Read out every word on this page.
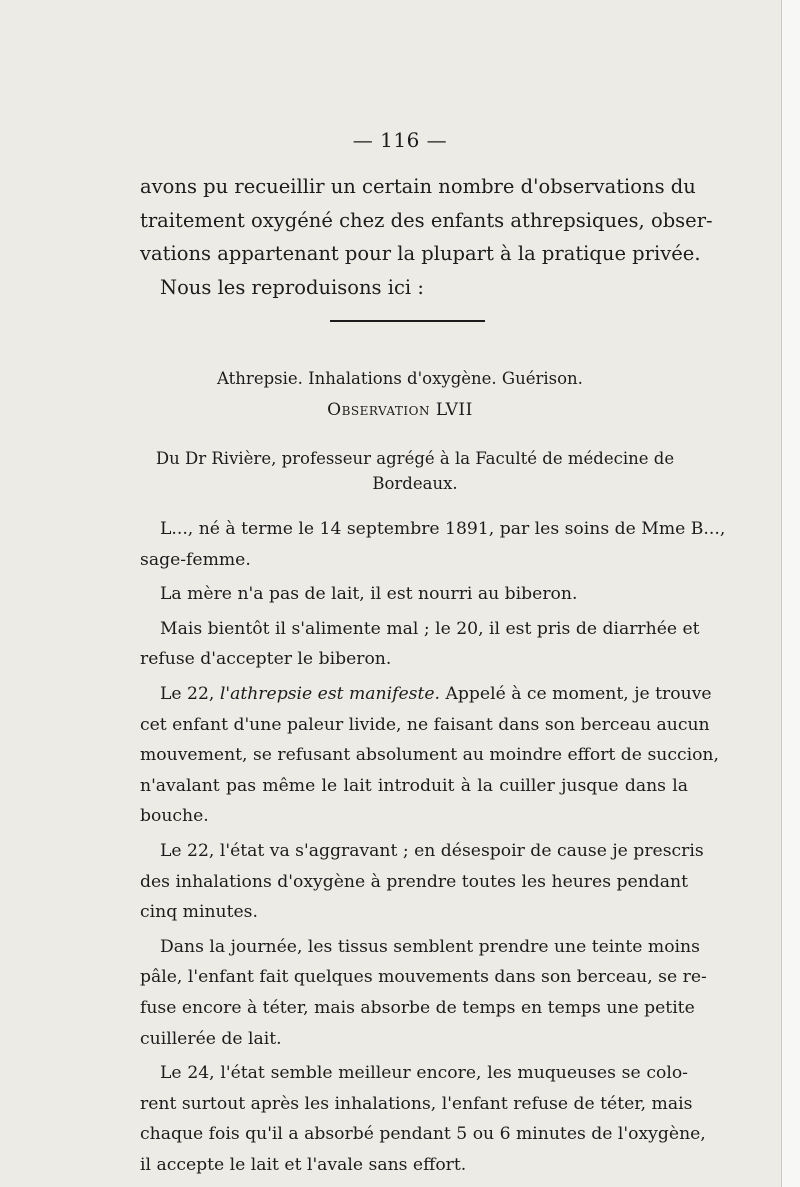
— 116 —
avons pu recueillir un certain nombre d'observations du
traitement oxygéné chez des enfants athrepsiques, obser-
vations appartenant pour la plupart à la pratique privée.
Nous les reproduisons ici :
Athrepsie. Inhalations d'oxygène. Guérison.
Observation LVII
Du Dr Rivière, professeur agrégé à la Faculté de médecine de
Bordeaux.
L..., né à terme le 14 septembre 1891, par les soins de Mme B...,
sage-femme.
La mère n'a pas de lait, il est nourri au biberon.
Mais bientôt il s'alimente mal ; le 20, il est pris de diarrhée et
refuse d'accepter le biberon.
Le 22, l'athrepsie est manifeste. Appelé à ce moment, je trouve
cet enfant d'une paleur livide, ne faisant dans son berceau aucun
mouvement, se refusant absolument au moindre effort de succion,
n'avalant pas même le lait introduit à la cuiller jusque dans la
bouche.
Le 22, l'état va s'aggravant ; en désespoir de cause je prescris
des inhalations d'oxygène à prendre toutes les heures pendant
cinq minutes.
Dans la journée, les tissus semblent prendre une teinte moins
pâle, l'enfant fait quelques mouvements dans son berceau, se re-
fuse encore à téter, mais absorbe de temps en temps une petite
cuillerée de lait.
Le 24, l'état semble meilleur encore, les muqueuses se colo-
rent surtout après les inhalations, l'enfant refuse de téter, mais
chaque fois qu'il a absorbé pendant 5 ou 6 minutes de l'oxygène,
il accepte le lait et l'avale sans effort.
